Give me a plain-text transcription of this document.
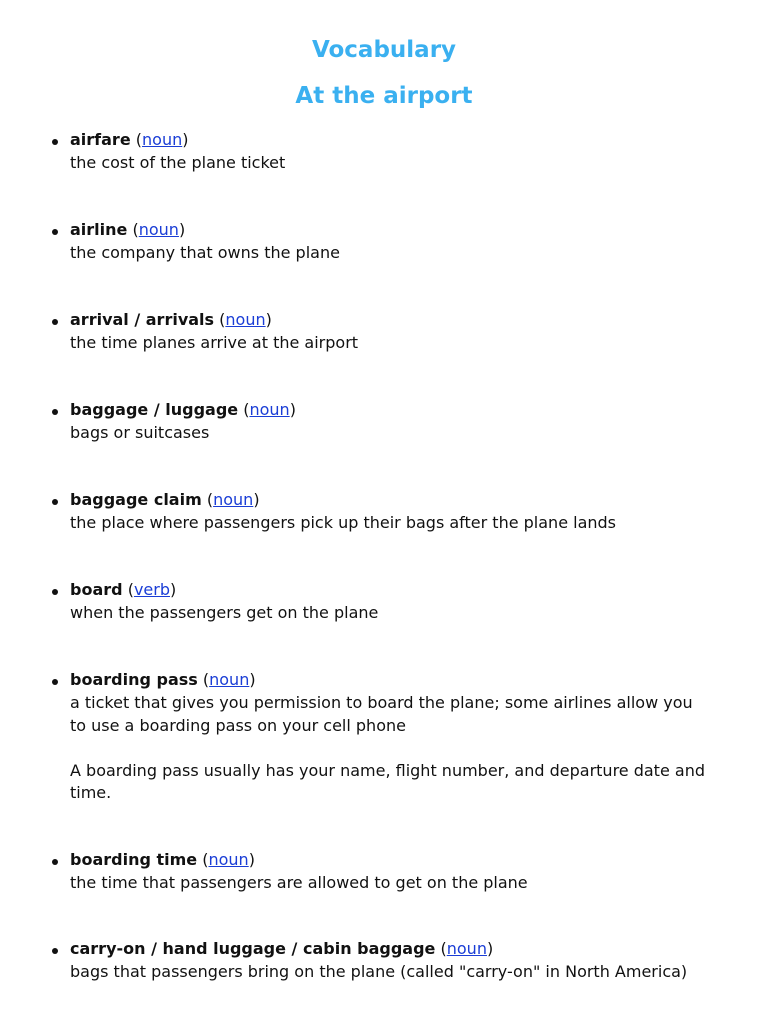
Vocabulary
At the airport
airfare (noun)
the cost of the plane ticket
airline (noun)
the company that owns the plane
arrival / arrivals (noun)
the time planes arrive at the airport
baggage / luggage (noun)
bags or suitcases
baggage claim (noun)
the place where passengers pick up their bags after the plane lands
board (verb)
when the passengers get on the plane
boarding pass (noun)
a ticket that gives you permission to board the plane; some airlines allow you
to use a boarding pass on your cell phone
A boarding pass usually has your name, flight number, and departure date and
time.
boarding time (noun)
the time that passengers are allowed to get on the plane
carry-on / hand luggage / cabin baggage (noun)
bags that passengers bring on the plane (called "carry-on" in North America)
